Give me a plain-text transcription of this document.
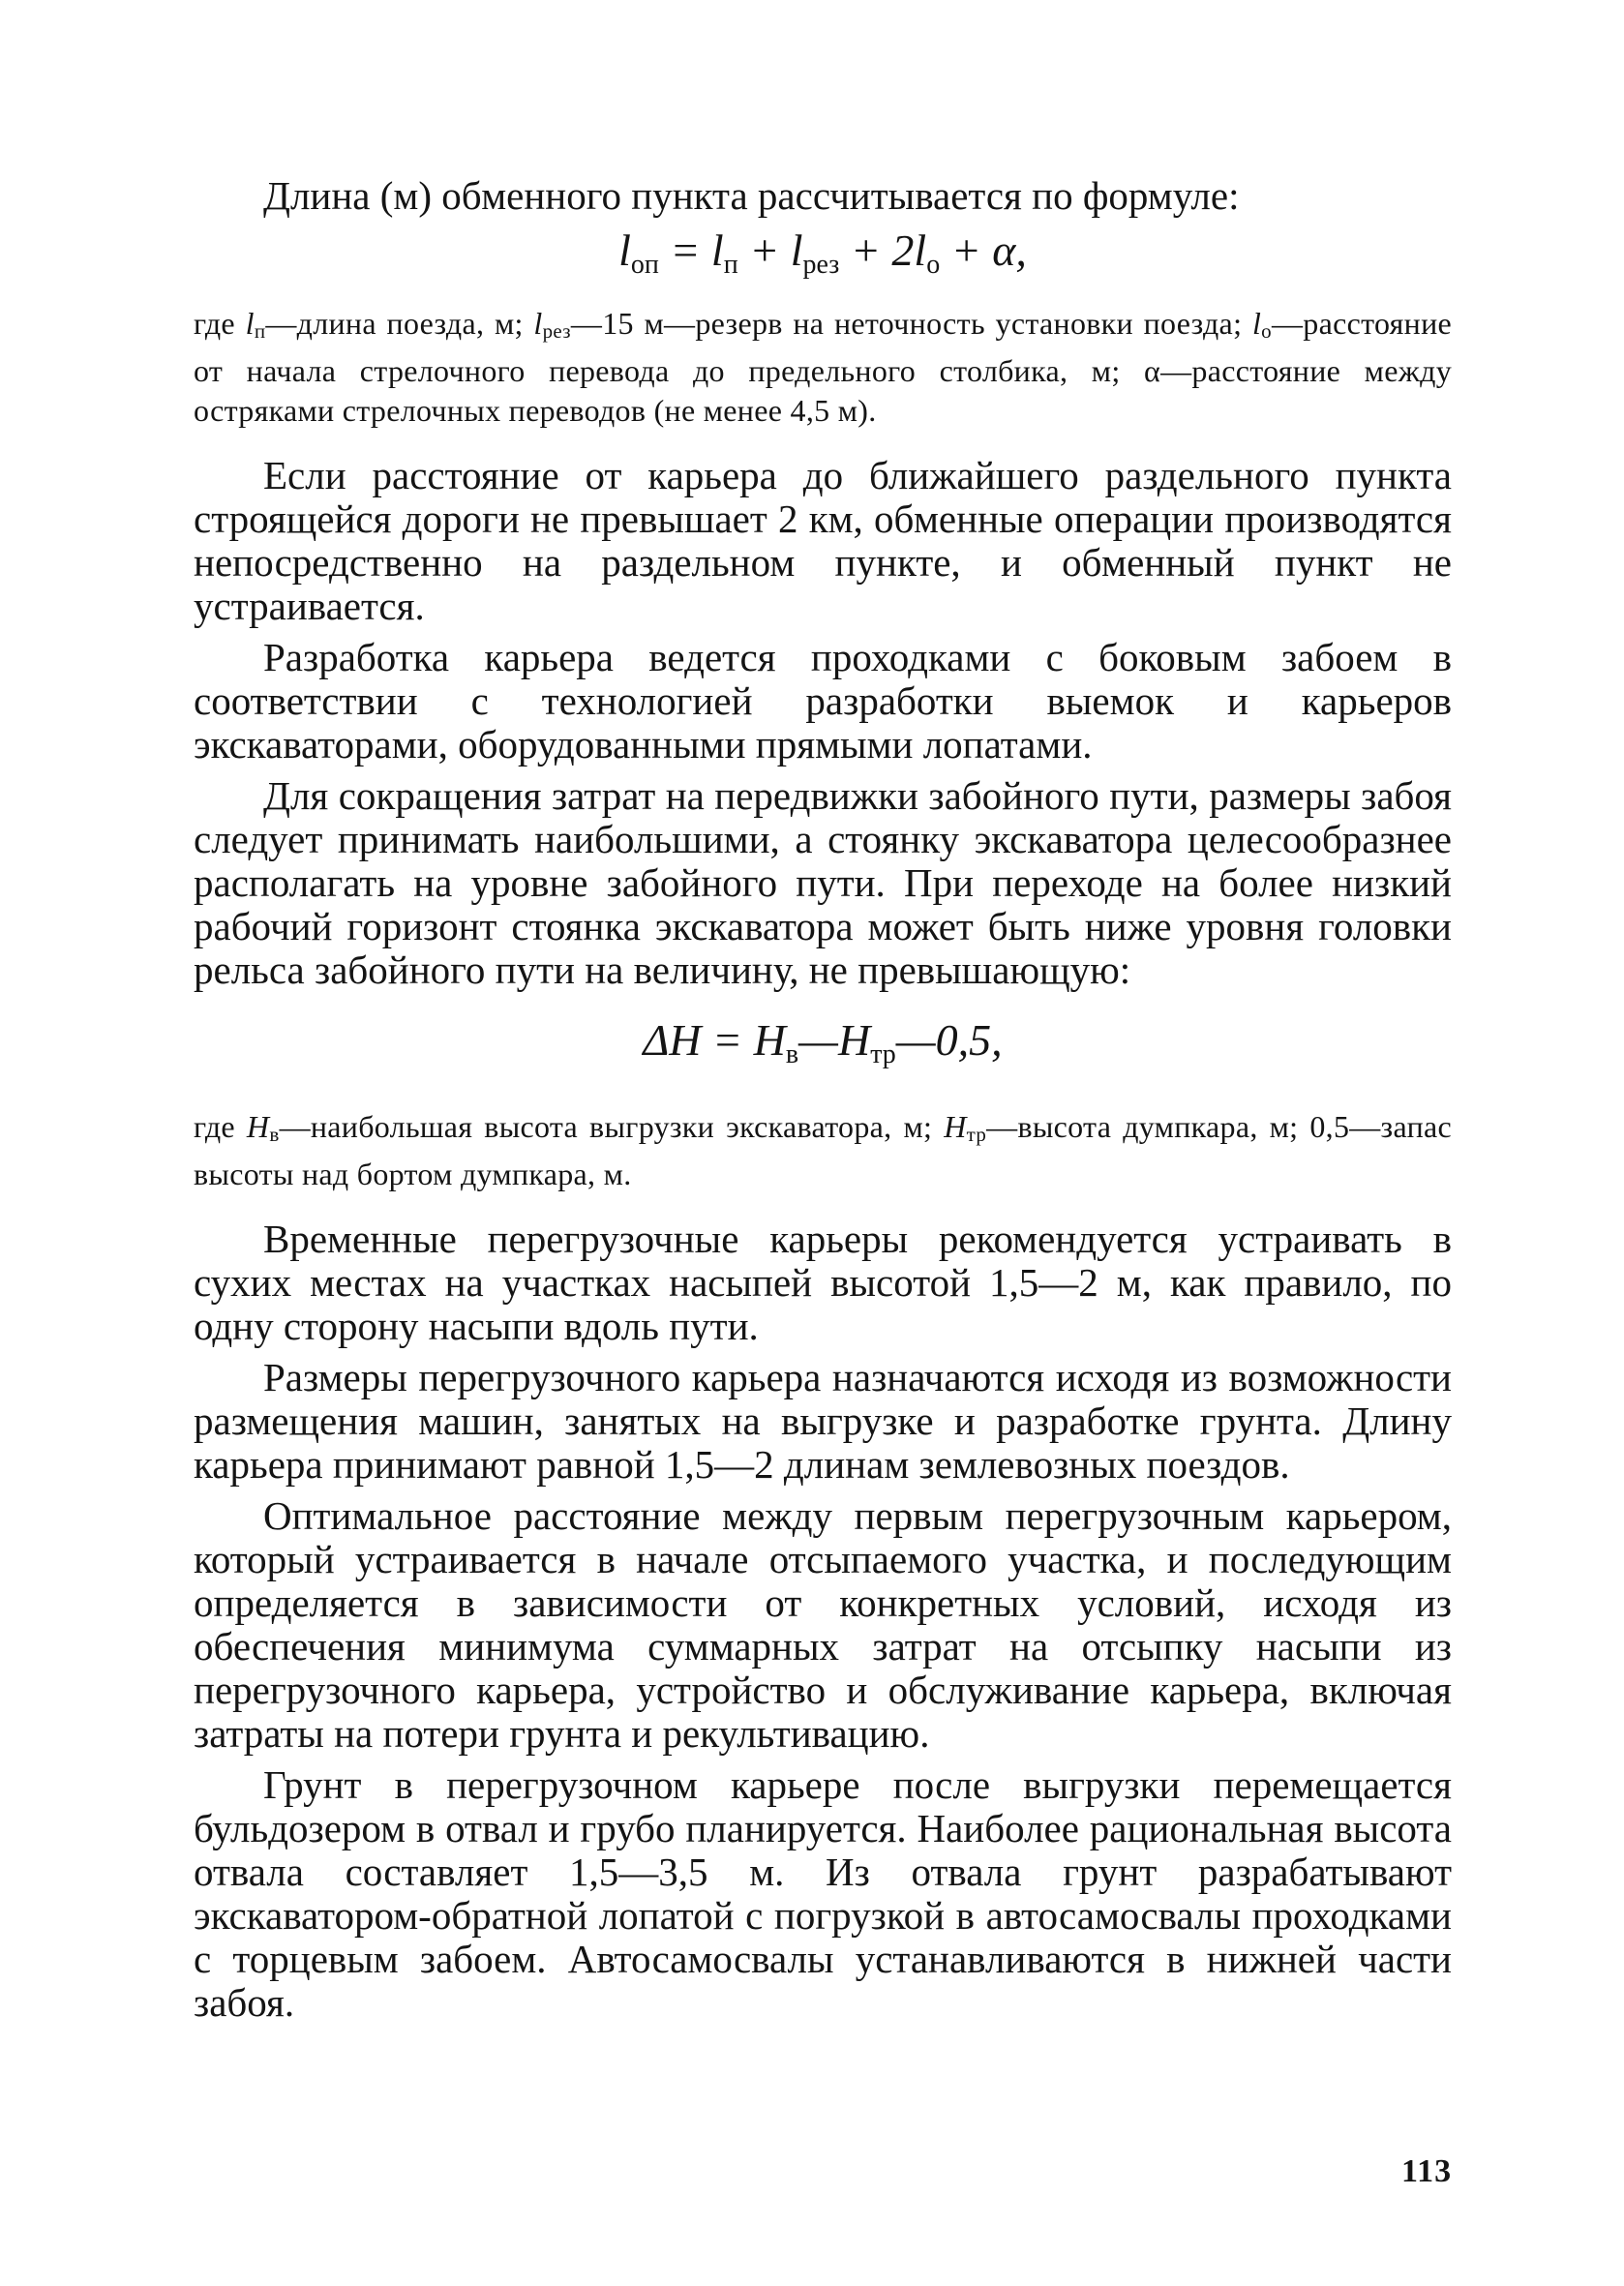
Длина (м) обменного пункта рассчитывается по формуле:

$l_{оп} = l_п + l_{рез} + 2l_о + \alpha$,

где $l_п—длина$ поезда, м; $l_{рез}—15$ м—резерв на неточность установки поезда; $l_о—расстояние$ от начала стрелочного перевода до предельного столбика, м; α—расстояние между остряками стрелочных переводов (не менее 4,5 м).

Если расстояние от карьера до ближайшего раздельного пункта строящейся дороги не превышает 2 км, обменные операции производятся непосредственно на раздельном пункте, и обменный пункт не устраивается.

Разработка карьера ведется проходками с боковым забоем в соответствии с технологией разработки выемок и карьеров экскаваторами, оборудованными прямыми лопатами.

Для сокращения затрат на передвижки забойного пути, размеры забоя следует принимать наибольшими, а стоянку экскаватора целесообразнее располагать на уровне забойного пути. При переходе на более низкий рабочий горизонт стоянка экскаватора может быть ниже уровня головки рельса забойного пути на величину, не превышающую:

$\Delta H = H_в—H_{тр}—0,5$,

где $H_в—наибольшая$ высота выгрузки экскаватора, м; $H_{тр}—высота$ думпкара, м; 0,5—запас высоты над бортом думпкара, м.

Временные перегрузочные карьеры рекомендуется устраивать в сухих местах на участках насыпей высотой 1,5—2 м, как правило, по одну сторону насыпи вдоль пути.

Размеры перегрузочного карьера назначаются исходя из возможности размещения машин, занятых на выгрузке и разработке грунта. Длину карьера принимают равной 1,5—2 длинам землевозных поездов.

Оптимальное расстояние между первым перегрузочным карьером, который устраивается в начале отсыпаемого участка, и последующим определяется в зависимости от конкретных условий, исходя из обеспечения минимума суммарных затрат на отсыпку насыпи из перегрузочного карьера, устройство и обслуживание карьера, включая затраты на потери грунта и рекультивацию.

Грунт в перегрузочном карьере после выгрузки перемещается бульдозером в отвал и грубо планируется. Наиболее рациональная высота отвала составляет 1,5—3,5 м. Из отвала грунт разрабатывают экскаватором-обратной лопатой с погрузкой в автосамосвалы проходками с торцевым забоем. Автосамосвалы устанавливаются в нижней части забоя.

113
